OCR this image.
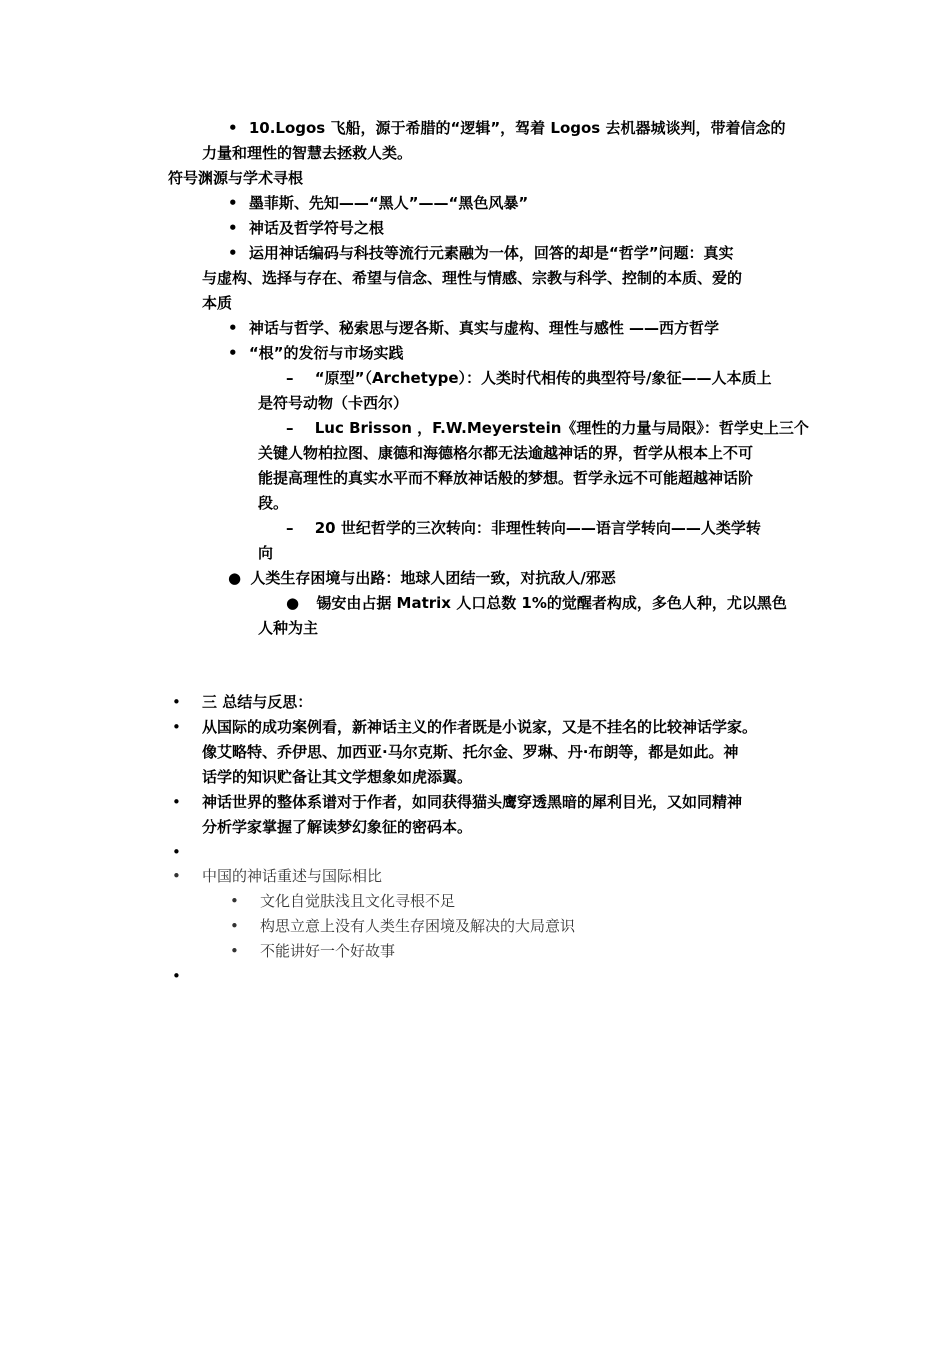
• 10.Logos 飞船，源于希腊的“逻辑”，驾着 Logos 去机器城谈判，带着信念的
力量和理性的智慧去拯救人类。
符号渊源与学术寻根
• 墨菲斯、先知——“黑人”——“黑色风暴”
• 神话及哲学符号之根
• 运用神话编码与科技等流行元素融为一体，回答的却是“哲学”问题：真实
与虚构、选择与存在、希望与信念、理性与情感、宗教与科学、控制的本质、爱的
本质
• 神话与哲学、秘索思与逻各斯、真实与虚构、理性与感性 ——西方哲学
• “根”的发衍与市场实践
– “原型”（Archetype）：人类时代相传的典型符号/象征——人本质上
是符号动物（卡西尔）
– Luc Brisson ，F.W.Meyerstein《理性的力量与局限》：哲学史上三个
关键人物柏拉图、康德和海德格尔都无法逾越神话的界，哲学从根本上不可
能提高理性的真实水平而不释放神话般的梦想。哲学永远不可能超越神话阶
段。
– 20 世纪哲学的三次转向：非理性转向——语言学转向——人类学转
向
● 人类生存困境与出路：地球人团结一致，对抗敌人/邪恶
● 锡安由占据 Matrix 人口总数 1%的觉醒者构成，多色人种，尤以黑色
人种为主
• 三 总结与反思：
• 从国际的成功案例看，新神话主义的作者既是小说家，又是不挂名的比较神话学家。
像艾略特、乔伊思、加西亚·马尔克斯、托尔金、罗琳、丹·布朗等，都是如此。神
话学的知识贮备让其文学想象如虎添翼。
• 神话世界的整体系谱对于作者，如同获得猫头鹰穿透黑暗的犀利目光，又如同精神
分析学家掌握了解读梦幻象征的密码本。
•
• 中国的神话重述与国际相比
• 文化自觉肤浅且文化寻根不足
• 构思立意上没有人类生存困境及解决的大局意识
• 不能讲好一个好故事
•
